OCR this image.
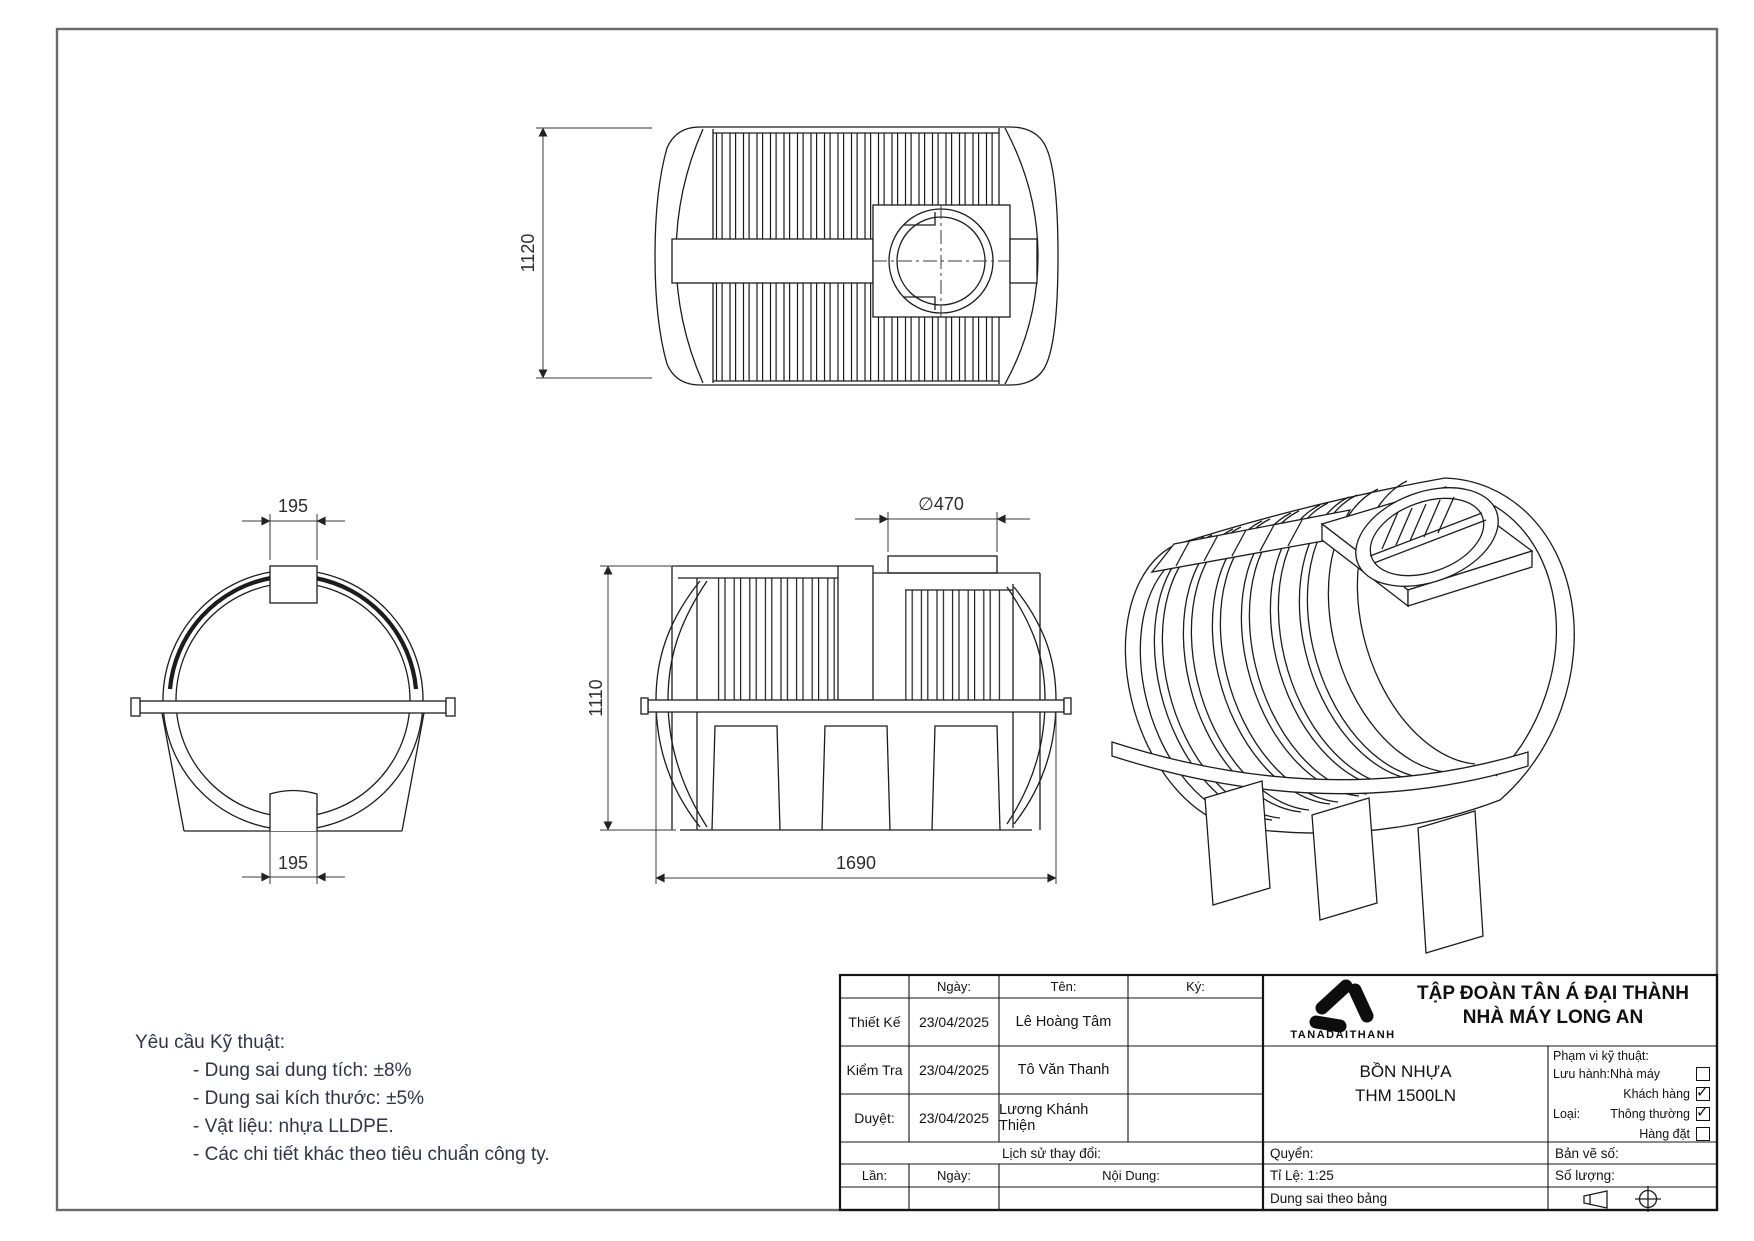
1120
195
195
∅470
1110
1690
Yêu cầu Kỹ thuật:
- Dung sai dung tích: ±8%
- Dung sai kích thước: ±5%
- Vật liệu: nhựa LLDPE.
- Các chi tiết khác theo tiêu chuẩn công ty.
Ngày:	Tên:	Ký:
Thiết Kế	23/04/2025	Lê Hoàng Tâm
Kiểm Tra	23/04/2025	Tô Văn Thanh
Duyệt:	23/04/2025 Lương Khánh Thiện
Lịch sử thay đổi:
Lần:	Ngày:	Nội Dung:
TANADAITHANH
TẬP ĐOÀN TÂN Á ĐẠI THÀNH
NHÀ MÁY LONG AN
BỒN NHỰA
THM 1500LN
Phạm vi kỹ thuật:
Lưu hành:Nhà máy
Khách hàng ✓
Loại:	Thông thường ✓
Hàng đặt
Quyển:	Bản vẽ số:
Tỉ Lệ: 1:25	Số lượng:
Dung sai theo bảng
